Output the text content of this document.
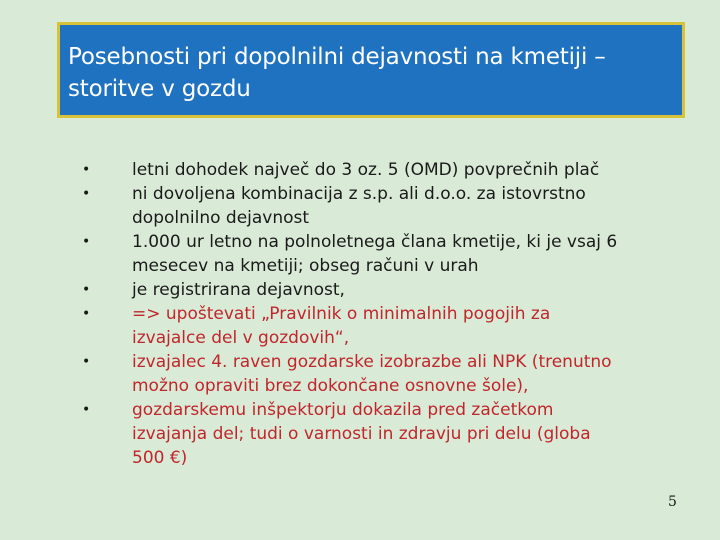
Posebnosti pri dopolnilni dejavnosti na kmetiji –
storitve v gozdu
• letni dohodek največ do 3 oz. 5 (OMD) povprečnih plač
• ni dovoljena kombinacija z s.p. ali d.o.o. za istovrstno
dopolnilno dejavnost
• 1.000 ur letno na polnoletnega člana kmetije, ki je vsaj 6
mesecev na kmetiji; obseg računi v urah
• je registrirana dejavnost,
• => upoštevati „Pravilnik o minimalnih pogojih za
izvajalce del v gozdovih“,
• izvajalec 4. raven gozdarske izobrazbe ali NPK (trenutno
možno opraviti brez dokončane osnovne šole),
• gozdarskemu inšpektorju dokazila pred začetkom
izvajanja del; tudi o varnosti in zdravju pri delu (globa
500 €)
5
